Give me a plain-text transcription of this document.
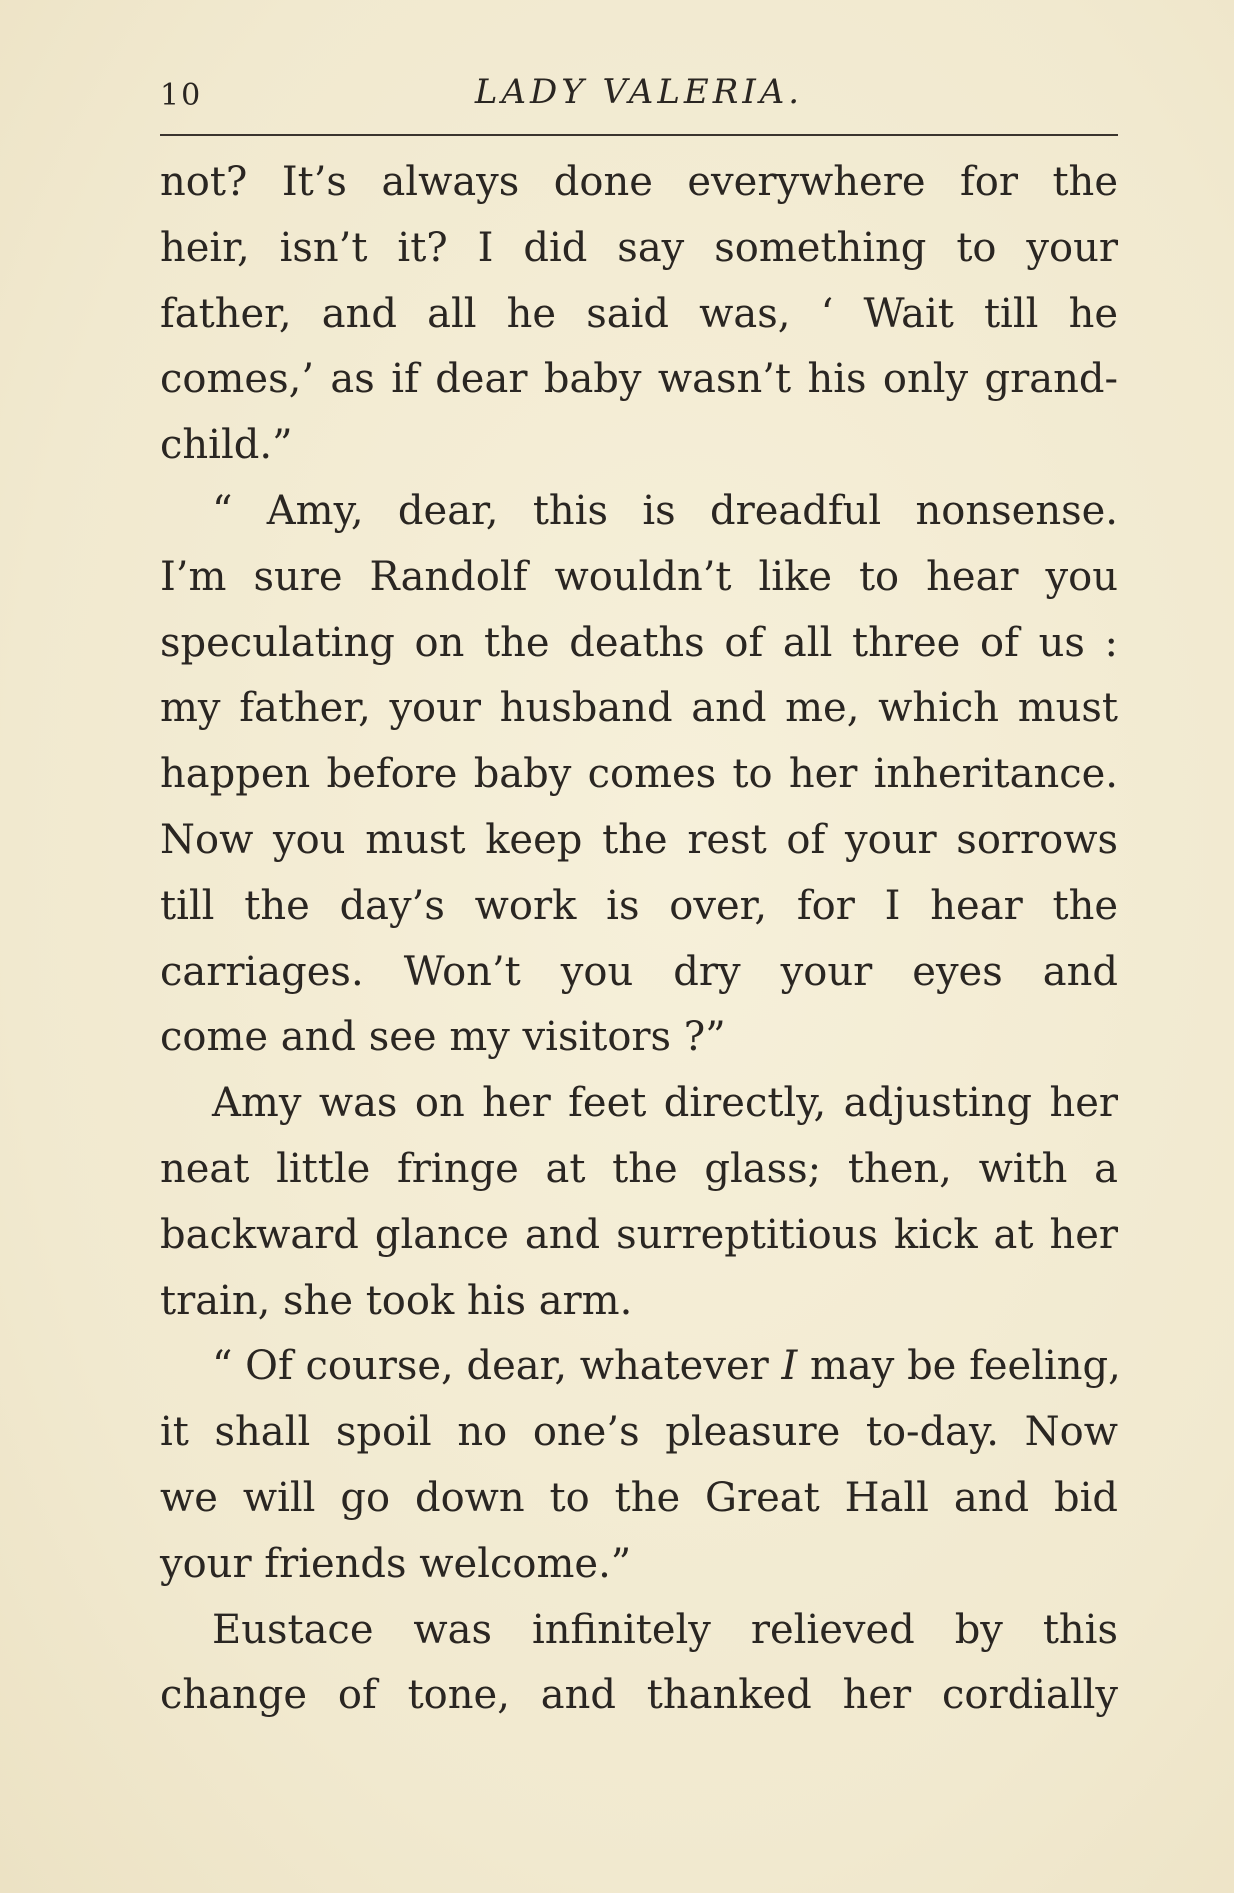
10	LADY VALERIA.
not? It’s always done everywhere for the
heir, isn’t it? I did say something to your
father, and all he said was, ‘ Wait till he
comes,’ as if dear baby wasn’t his only grand-
child.”
“ Amy, dear, this is dreadful nonsense.
I’m sure Randolf wouldn’t like to hear you
speculating on the deaths of all three of us :
my father, your husband and me, which must
happen before baby comes to her inheritance.
Now you must keep the rest of your sorrows
till the day’s work is over, for I hear the
carriages. Won’t you dry your eyes and
come and see my visitors ?”
Amy was on her feet directly, adjusting her
neat little fringe at the glass; then, with a
backward glance and surreptitious kick at her
train, she took his arm.
“ Of course, dear, whatever I may be feeling,
it shall spoil no one’s pleasure to-day. Now
we will go down to the Great Hall and bid
your friends welcome.”
Eustace was infinitely relieved by this
change of tone, and thanked her cordially
